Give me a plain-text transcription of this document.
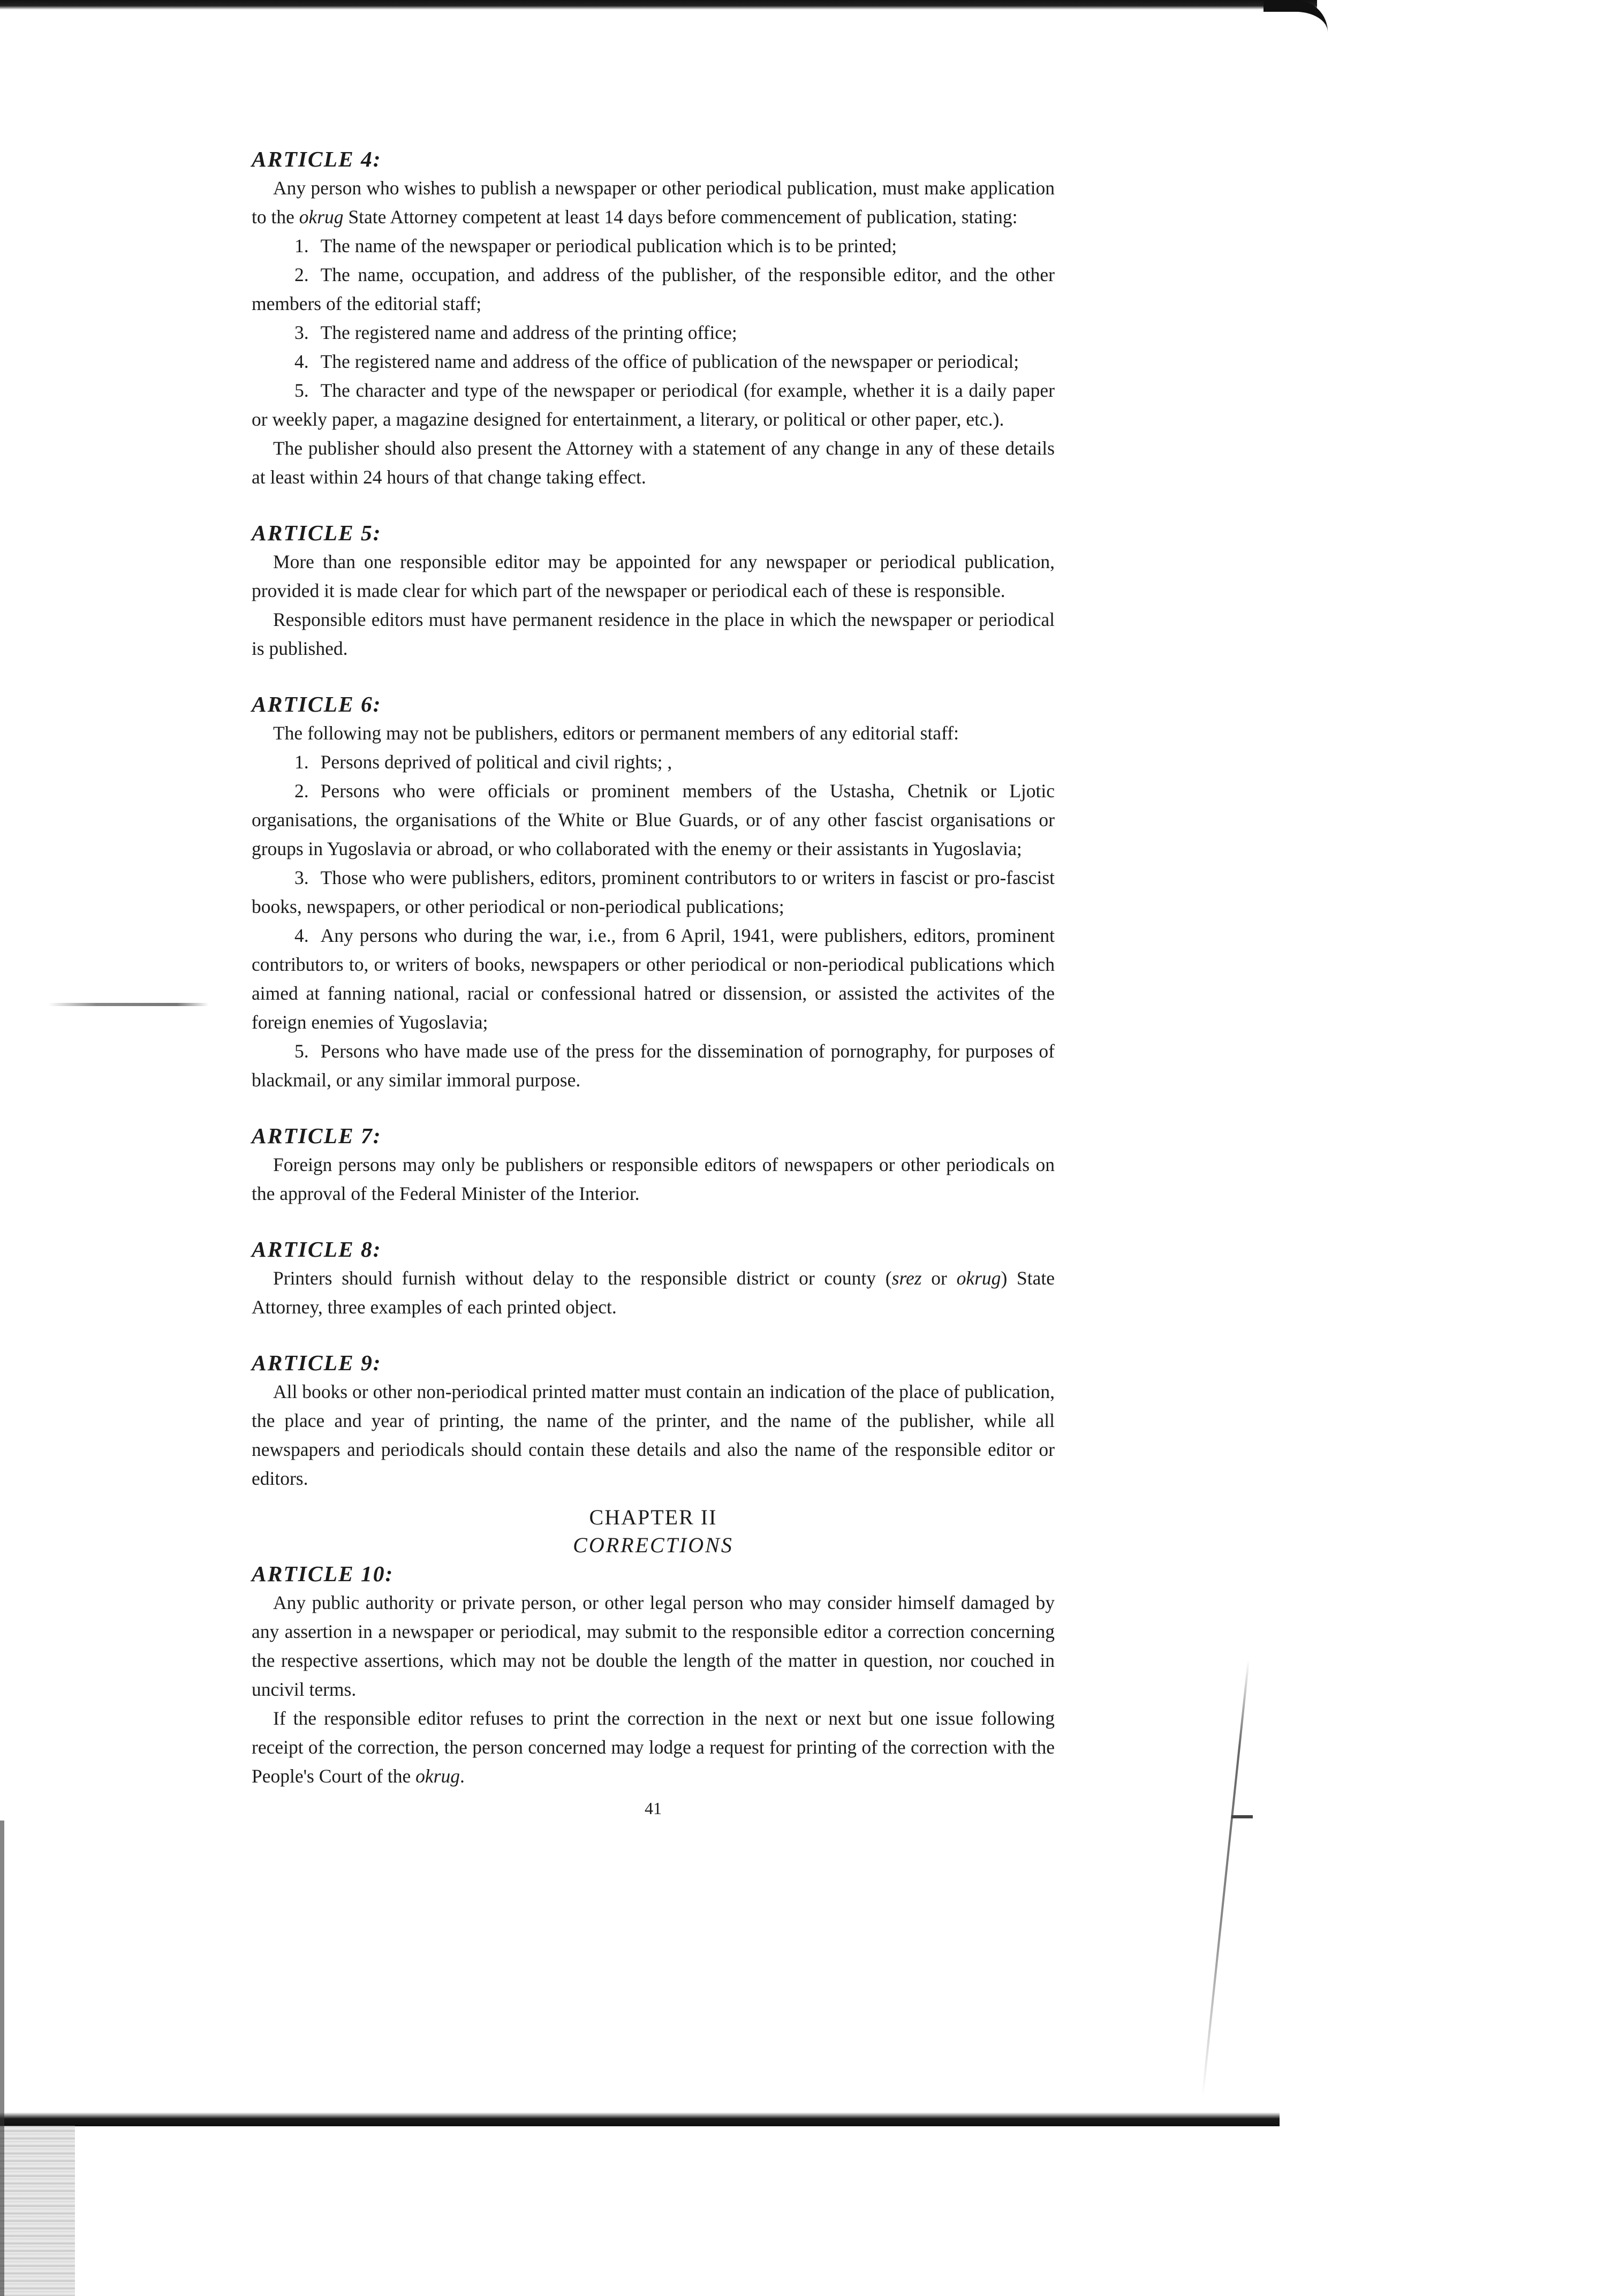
ARTICLE 4:

Any person who wishes to publish a newspaper or other periodical publication, must make application to the okrug State Attorney competent at least 14 days before commencement of publication, stating:

1. The name of the newspaper or periodical publication which is to be printed;

2. The name, occupation, and address of the publisher, of the responsible editor, and the other members of the editorial staff;

3. The registered name and address of the printing office;

4. The registered name and address of the office of publication of the newspaper or periodical;

5. The character and type of the newspaper or periodical (for example, whether it is a daily paper or weekly paper, a magazine designed for entertainment, a literary, or political or other paper, etc.).

The publisher should also present the Attorney with a statement of any change in any of these details at least within 24 hours of that change taking effect.

ARTICLE 5:

More than one responsible editor may be appointed for any newspaper or periodical publication, provided it is made clear for which part of the newspaper or periodical each of these is responsible.

Responsible editors must have permanent residence in the place in which the newspaper or periodical is published.

ARTICLE 6:

The following may not be publishers, editors or permanent members of any editorial staff:

1. Persons deprived of political and civil rights; ,

2. Persons who were officials or prominent members of the Ustasha, Chetnik or Ljotic organisations, the organisations of the White or Blue Guards, or of any other fascist organisations or groups in Yugoslavia or abroad, or who collaborated with the enemy or their assistants in Yugoslavia;

3. Those who were publishers, editors, prominent contributors to or writers in fascist or pro-fascist books, newspapers, or other periodical or non-periodical publications;

4. Any persons who during the war, i.e., from 6 April, 1941, were publishers, editors, prominent contributors to, or writers of books, newspapers or other periodical or non-periodical publications which aimed at fanning national, racial or confessional hatred or dissension, or assisted the activites of the foreign enemies of Yugoslavia;

5. Persons who have made use of the press for the dissemination of pornography, for purposes of blackmail, or any similar immoral purpose.

ARTICLE 7:

Foreign persons may only be publishers or responsible editors of newspapers or other periodicals on the approval of the Federal Minister of the Interior.

ARTICLE 8:

Printers should furnish without delay to the responsible district or county (srez or okrug) State Attorney, three examples of each printed object.

ARTICLE 9:

All books or other non-periodical printed matter must contain an indication of the place of publication, the place and year of printing, the name of the printer, and the name of the publisher, while all newspapers and periodicals should contain these details and also the name of the responsible editor or editors.

CHAPTER II
CORRECTIONS
ARTICLE 10:

Any public authority or private person, or other legal person who may consider himself damaged by any assertion in a newspaper or periodical, may submit to the responsible editor a correction concerning the respective assertions, which may not be double the length of the matter in question, nor couched in uncivil terms.

If the responsible editor refuses to print the correction in the next or next but one issue following receipt of the correction, the person concerned may lodge a request for printing of the correction with the People's Court of the okrug.

41
